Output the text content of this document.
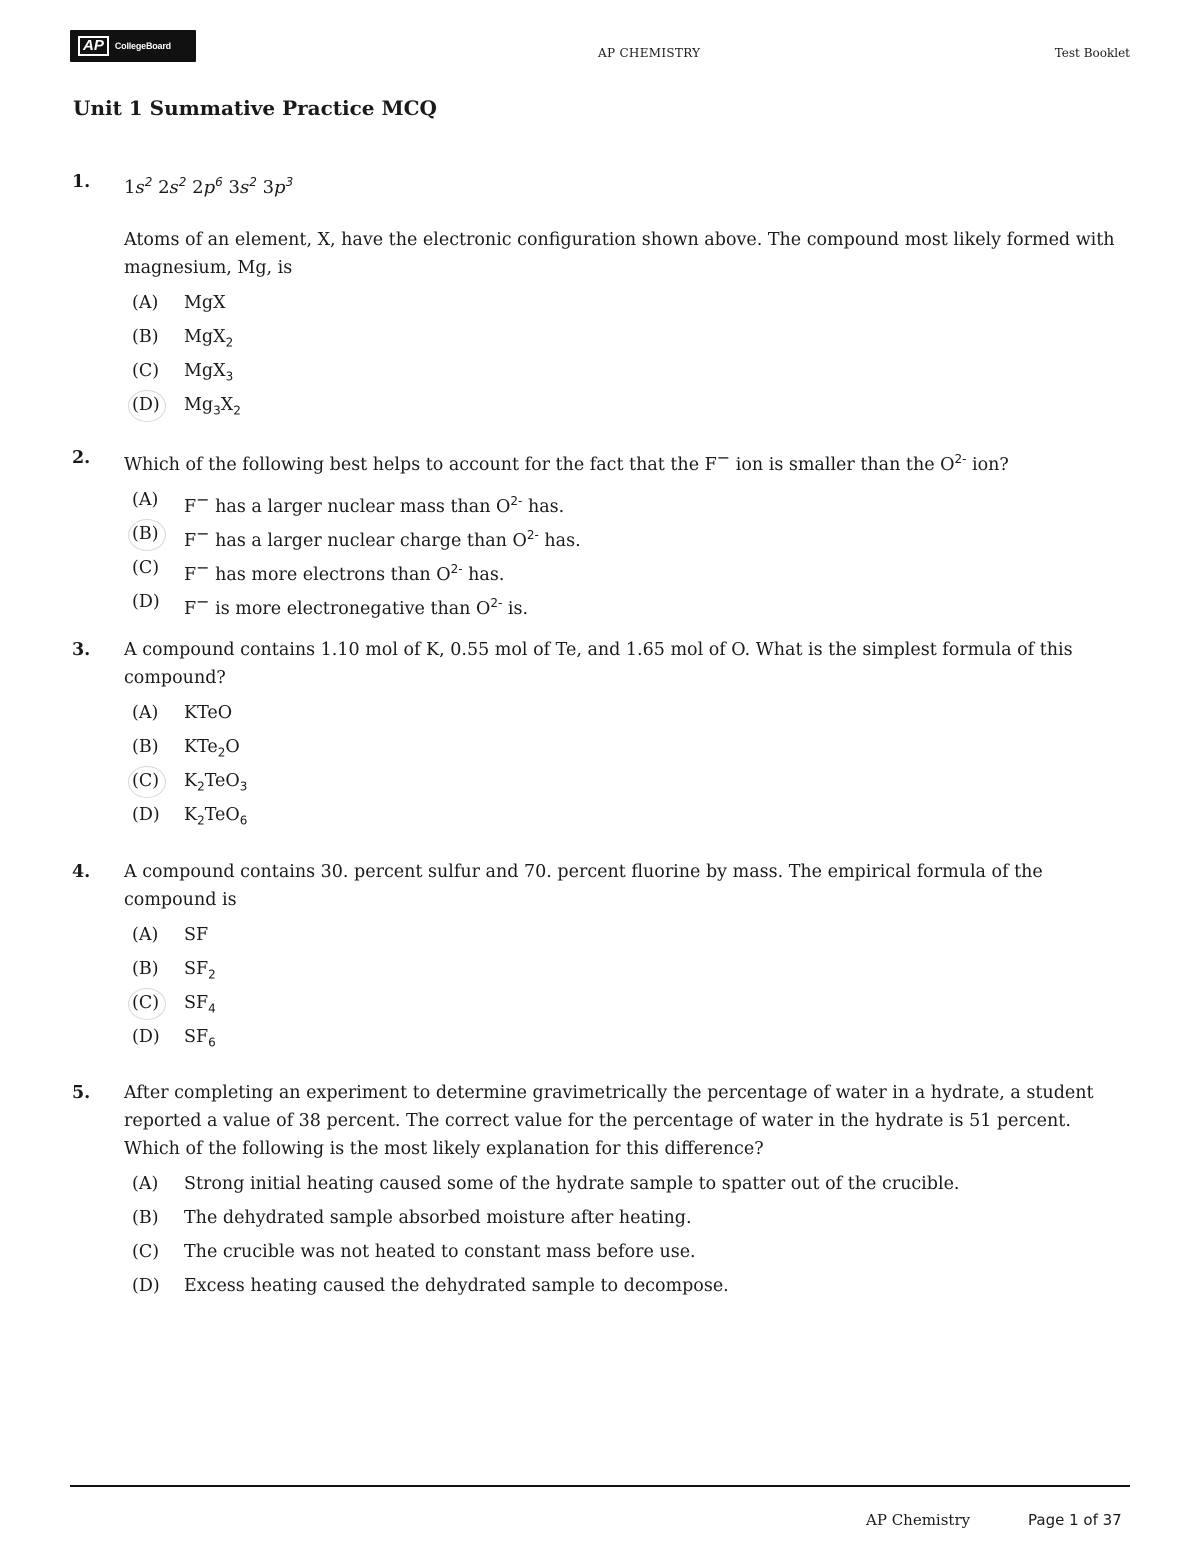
AP	CollegeBoard	AP CHEMISTRY	Test Booklet
Unit 1 Summative Practice MCQ
1. $1s^2$ $2s^2$ $2p^6$ $3s^2$ $3p^3$
Atoms of an element, X, have the electronic configuration shown above. The compound most likely formed with magnesium, Mg, is
(A) MgX
(B) MgX$_2$
(C) MgX$_3$
(D) $Mg_3X_2$
2. Which of the following best helps to account for the fact that the F− ion is smaller than the $O^{2-}$ ion?
(A) F− has a larger nuclear mass than $O^{2-}$ has.
(B) F− has a larger nuclear charge than $O^{2-}$ has.
(C) F− has more electrons than $O^{2-}$ has.
(D) F− is more electronegative than $O^{2-}$ is.
3. A compound contains 1.10 mol of K, 0.55 mol of Te, and 1.65 mol of O. What is the simplest formula of this compound?
(A) KTeO
(B) KTe$_2$O
(C) $K_2TeO_3$
(D) $K_2TeO_6$
4. A compound contains 30. percent sulfur and 70. percent fluorine by mass. The empirical formula of the compound is
(A) SF
(B) $SF_2$
(C) $SF_4$
(D) $SF_6$
5. After completing an experiment to determine gravimetrically the percentage of water in a hydrate, a student reported a value of 38 percent. The correct value for the percentage of water in the hydrate is 51 percent. Which of the following is the most likely explanation for this difference?
(A) Strong initial heating caused some of the hydrate sample to spatter out of the crucible.
(B) The dehydrated sample absorbed moisture after heating.
(C) The crucible was not heated to constant mass before use.
(D) Excess heating caused the dehydrated sample to decompose.
AP Chemistry	Page 1 of 37
